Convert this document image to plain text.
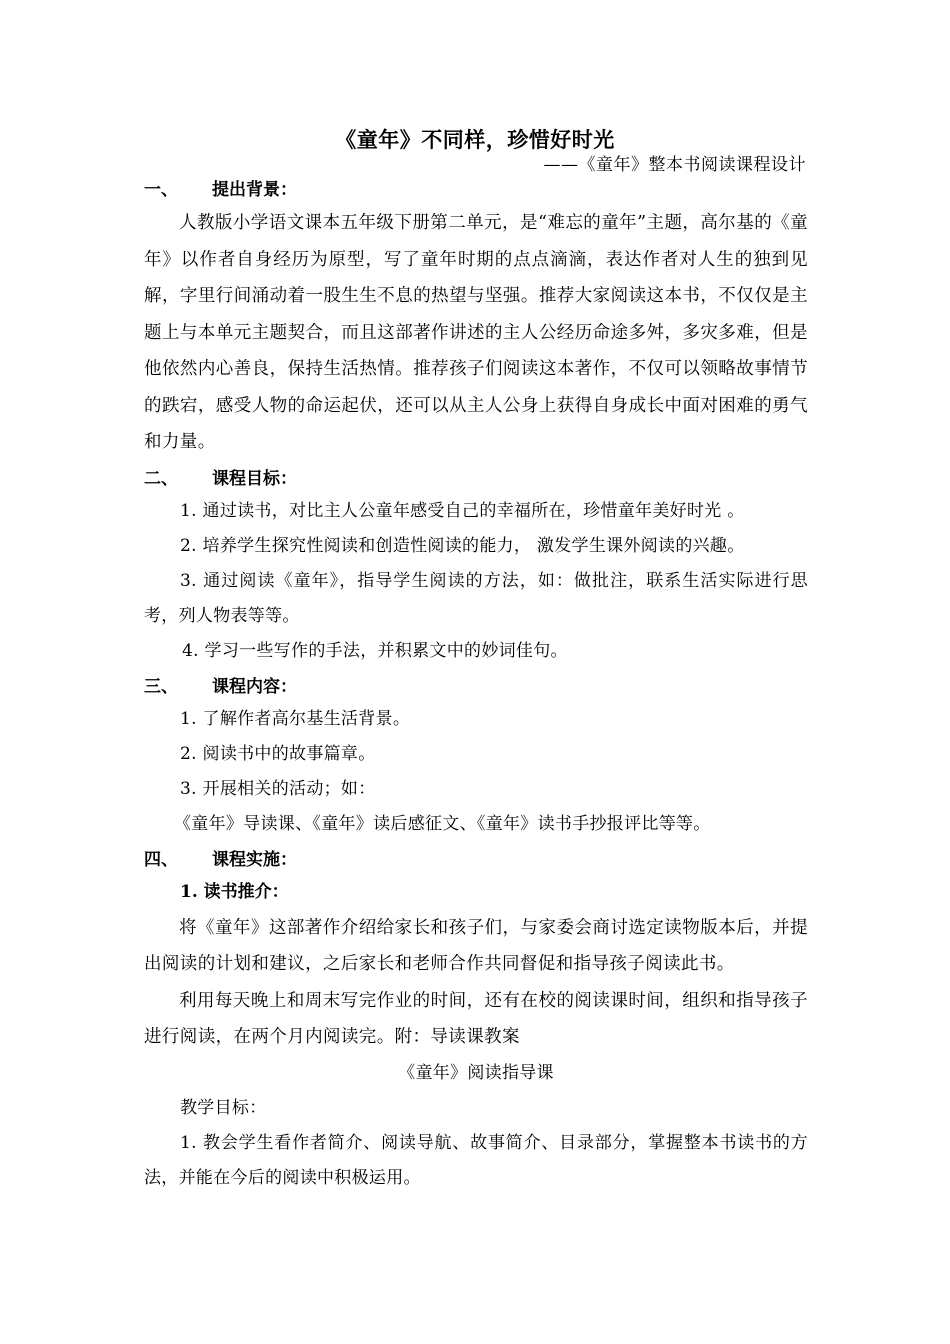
《童年》不同样，珍惜好时光
——《童年》整本书阅读课程设计
一、	提出背景：

人教版小学语文课本五年级下册第二单元，是“难忘的童年”主题，高尔基的《童年》以作者自身经历为原型，写了童年时期的点点滴滴，表达作者对人生的独到见解，字里行间涌动着一股生生不息的热望与坚强。推荐大家阅读这本书，不仅仅是主题上与本单元主题契合，而且这部著作讲述的主人公经历命途多舛，多灾多难，但是他依然内心善良，保持生活热情。推荐孩子们阅读这本著作，不仅可以领略故事情节的跌宕，感受人物的命运起伏，还可以从主人公身上获得自身成长中面对困难的勇气和力量。

二、	课程目标：

1. 通过读书，对比主人公童年感受自己的幸福所在，珍惜童年美好时光 。

2. 培养学生探究性阅读和创造性阅读的能力， 激发学生课外阅读的兴趣。

3. 通过阅读《童年》，指导学生阅读的方法，如：做批注，联系生活实际进行思考，列人物表等等。

4. 学习一些写作的手法，并积累文中的妙词佳句。

三、	课程内容：

1. 了解作者高尔基生活背景。

2. 阅读书中的故事篇章。

3. 开展相关的活动；如：

《童年》导读课、《童年》读后感征文、《童年》读书手抄报评比等等。

四、	课程实施：

1. 读书推介：

将《童年》这部著作介绍给家长和孩子们，与家委会商讨选定读物版本后，并提出阅读的计划和建议，之后家长和老师合作共同督促和指导孩子阅读此书。

利用每天晚上和周末写完作业的时间，还有在校的阅读课时间，组织和指导孩子进行阅读，在两个月内阅读完。附：导读课教案

《童年》阅读指导课

教学目标：

1. 教会学生看作者简介、阅读导航、故事简介、目录部分，掌握整本书读书的方法，并能在今后的阅读中积极运用。
